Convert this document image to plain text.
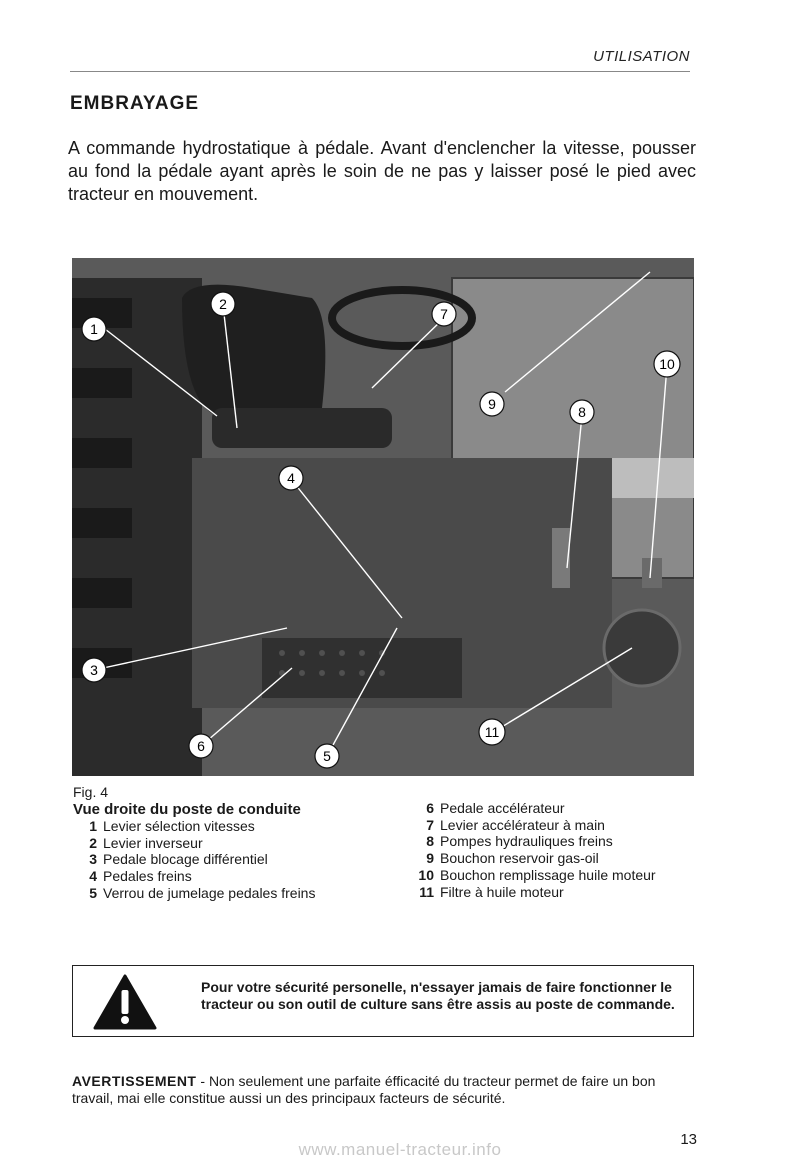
UTILISATION
EMBRAYAGE

A commande hydrostatique à pédale. Avant d'enclencher la vitesse, pousser au fond la pédale ayant après le soin de ne pas y laisser posé le pied avec tracteur en mouvement.

1
2
3
4
5
6
7
8
9
10
11

Fig. 4

Vue droite du poste de conduite

1 Levier sélection vitesses
2 Levier inverseur
3 Pedale blocage différentiel
4 Pedales freins
5 Verrou de jumelage pedales freins
6 Pedale accélérateur
7 Levier accélérateur à main
8 Pompes hydrauliques freins
9 Bouchon reservoir gas-oil
10 Bouchon remplissage huile moteur
11 Filtre à huile moteur

Pour votre sécurité personelle, n'essayer jamais de faire fonctionner le tracteur ou son outil de culture sans être assis au poste de commande.

AVERTISSEMENT - Non seulement une parfaite éfficacité du tracteur permet de faire un bon travail, mai elle constitue aussi un des principaux facteurs de sécurité.

13
www.manuel-tracteur.info
